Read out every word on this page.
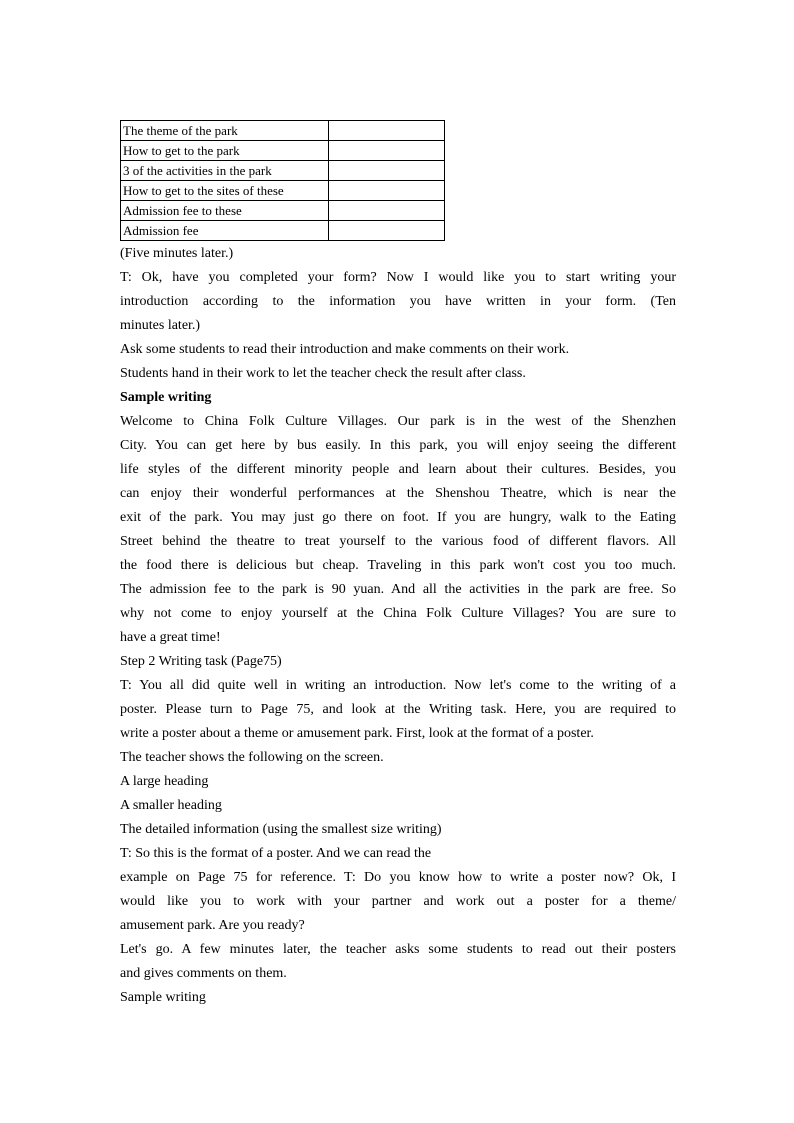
The theme of the park	
How to get to the park	
3 of the activities in the park	
How to get to the sites of these	
Admission fee to these	
Admission fee	
(Five minutes later.)
T: Ok, have you completed your form? Now I would like you to start writing your
introduction according to the information you have written in your form. (Ten
minutes later.)
Ask some students to read their introduction and make comments on their work.
Students hand in their work to let the teacher check the result after class.
Sample writing
Welcome to China Folk Culture Villages. Our park is in the west of the Shenzhen
City. You can get here by bus easily. In this park, you will enjoy seeing the different
life styles of the different minority people and learn about their cultures. Besides, you
can enjoy their wonderful performances at the Shenshou Theatre, which is near the
exit of the park. You may just go there on foot. If you are hungry, walk to the Eating
Street behind the theatre to treat yourself to the various food of different flavors. All
the food there is delicious but cheap. Traveling in this park won't cost you too much.
The admission fee to the park is 90 yuan. And all the activities in the park are free. So
why not come to enjoy yourself at the China Folk Culture Villages? You are sure to
have a great time!
Step 2 Writing task (Page75)
T: You all did quite well in writing an introduction. Now let's come to the writing of a
poster. Please turn to Page 75, and look at the Writing task. Here, you are required to
write a poster about a theme or amusement park. First, look at the format of a poster.
The teacher shows the following on the screen.
A large heading
A smaller heading
The detailed information (using the smallest size writing)
T: So this is the format of a poster. And we can read the
example on Page 75 for reference. T: Do you know how to write a poster now? Ok, I
would like you to work with your partner and work out a poster for a theme/
amusement park. Are you ready?
Let's go. A few minutes later, the teacher asks some students to read out their posters
and gives comments on them.
Sample writing
